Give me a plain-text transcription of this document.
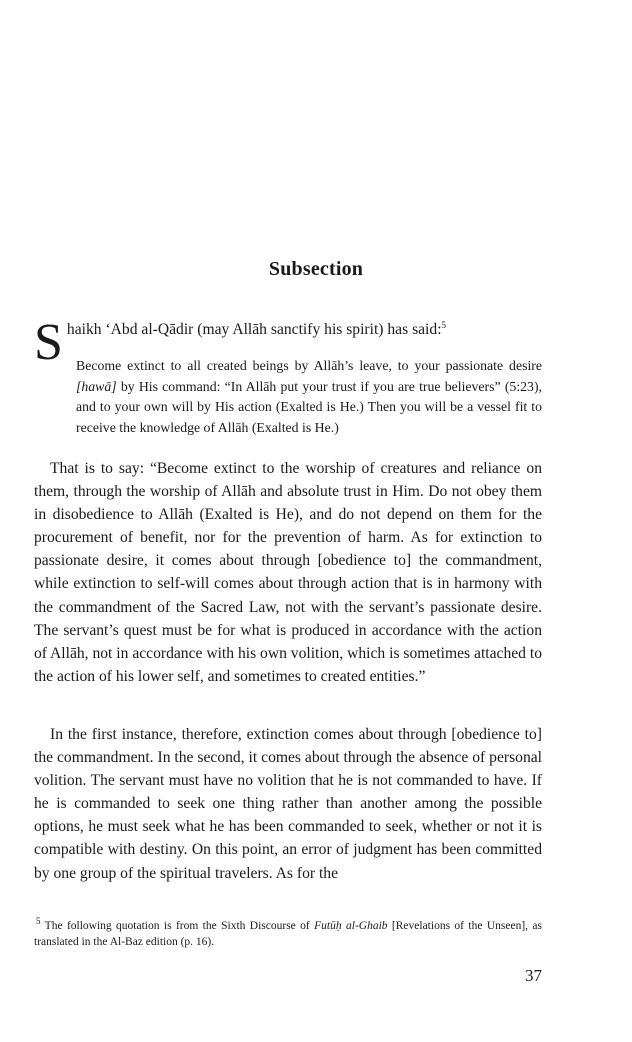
Subsection
Shaikh ‘Abd al-Qādir (may Allāh sanctify his spirit) has said:$^5$
Become extinct to all created beings by Allāh’s leave, to your passionate desire [hawā] by His command: “In Allāh put your trust if you are true believers” (5:23), and to your own will by His action (Exalted is He.) Then you will be a vessel fit to receive the knowledge of Allāh (Exalted is He.)
That is to say: “Become extinct to the worship of creatures and reliance on them, through the worship of Allāh and absolute trust in Him. Do not obey them in disobedience to Allāh (Exalted is He), and do not depend on them for the procurement of benefit, nor for the prevention of harm. As for extinction to passionate desire, it comes about through [obedience to] the commandment, while extinction to self-will comes about through action that is in harmony with the commandment of the Sacred Law, not with the servant’s passionate desire. The servant’s quest must be for what is produced in accordance with the action of Allāh, not in accordance with his own volition, which is sometimes attached to the action of his lower self, and sometimes to created entities.”
In the first instance, therefore, extinction comes about through [obedience to] the commandment. In the second, it comes about through the absence of personal volition. The servant must have no volition that he is not commanded to have. If he is commanded to seek one thing rather than another among the possible options, he must seek what he has been commanded to seek, whether or not it is compatible with destiny. On this point, an error of judgment has been committed by one group of the spiritual travelers. As for the
$^5$ The following quotation is from the Sixth Discourse of Futūḥ al-Ghaib [Revelations of the Unseen], as translated in the Al-Baz edition (p. 16).
37
